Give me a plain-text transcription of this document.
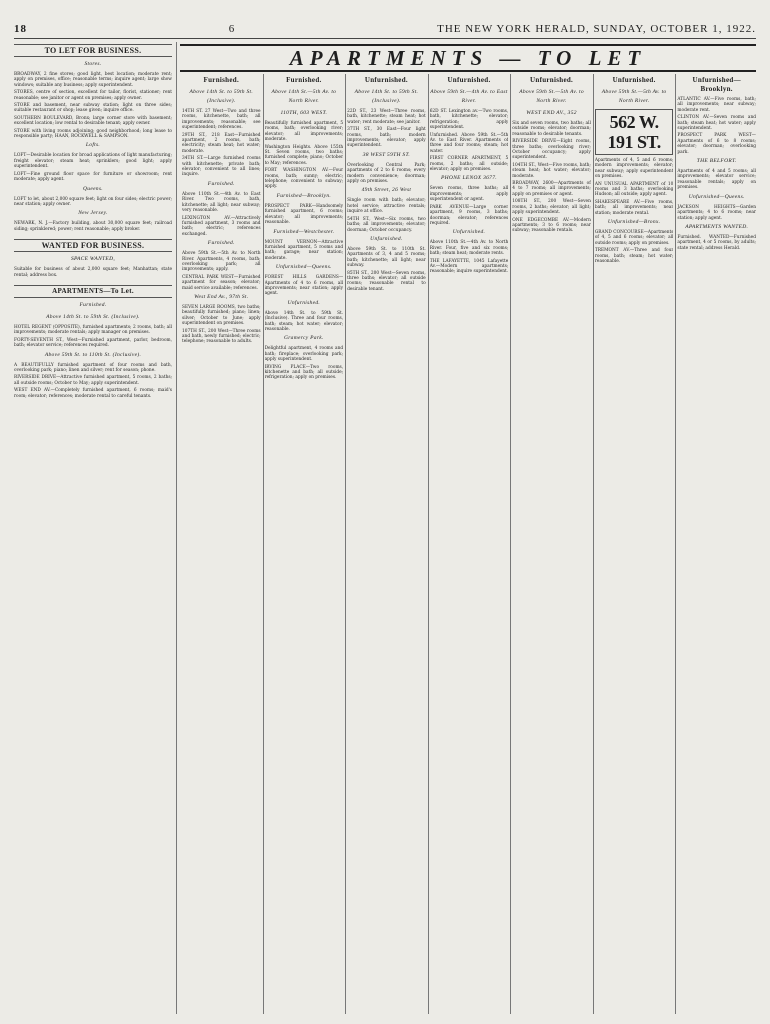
18	6	THE NEW YORK HERALD, SUNDAY, OCTOBER 1, 1922.
APARTMENTS — TO LET
TO LET FOR BUSINESS.
Stores.
BROADWAY, 2 fine stores; good light, best location; moderate rent; apply on premises, office; reasonable terms; inquire agent; large show windows; suitable any business; apply superintendent.
STORES, centre of section, excellent for tailor, florist, stationer; rent reasonable; see janitor or agent on premises; apply owner.
STORE and basement, near subway station; light on three sides; suitable restaurant or shop; lease given; inquire office.
SOUTHERN BOULEVARD, Bronx; large corner store with basement; excellent location; low rental to desirable tenant; apply owner.
STORE with living rooms adjoining; good neighborhood; long lease to responsible party; HAAN, ROCKWELL & SAMPSON.
Lofts.
LOFT—Desirable location for broad applications of light manufacturing; freight elevator; steam heat; sprinklers; good light; apply superintendent.
LOFT—Fine ground floor space for furniture or showroom; rent moderate; apply agent.
Queens.
LOFT to let, about 2,000 square feet; light on four sides; electric power; near station; apply owner.
New Jersey.
NEWARK, N. J.—Factory building, about 30,000 square feet; railroad siding; sprinklered; power; rent reasonable; apply broker.
WANTED FOR BUSINESS.
SPACE WANTED,
Suitable for business of about 2,000 square feet; Manhattan; state rental; address box.
APARTMENTS—To Let.
Furnished.
Above 14th St. to 59th St. (Inclusive).
HOTEL REGENT (OPPOSITE), furnished apartments; 2 rooms, bath; all improvements; moderate rentals; apply manager on premises.
FORTY-SEVENTH ST., West—Furnished apartment, parlor, bedroom, bath; elevator service; references required.
Above 59th St. to 110th St. (Inclusive).
A BEAUTIFULLY furnished apartment of four rooms and bath, overlooking park; piano; linen and silver; rent for season; phone.
RIVERSIDE DRIVE—Attractive furnished apartment, 5 rooms, 2 baths; all outside rooms; October to May; apply superintendent.
WEST END AV.—Completely furnished apartment, 6 rooms; maid's room; elevator; references; moderate rental to careful tenants.
Furnished.
Above 14th St. to 59th St. (Inclusive).
14TH ST. 27 West—Two and three rooms, kitchenette, bath; all improvements; reasonable; see superintendent; references.
29TH ST., 218 East—Furnished apartment, 2 rooms, bath; electricity; steam heat; hot water; moderate.
34TH ST.—Large furnished rooms with kitchenette; private bath; elevator; convenient to all lines; inquire.
Furnished.
Above 110th St.—4th Av. to East River. Two rooms, bath, kitchenette; all light; near subway; very reasonable.
LEXINGTON AV.—Attractively furnished apartment, 3 rooms and bath; electric; references exchanged.
Furnished.
Above 59th St.—5th Av. to North River. Apartments, 4 rooms, bath; overlooking park; all improvements; apply.
CENTRAL PARK WEST—Furnished apartment for season; elevator; maid service available; references.
West End Av., 97th St.
SEVEN LARGE ROOMS, two baths; beautifully furnished; piano; linen; silver; October to June; apply superintendent on premises.
107TH ST., 200 West—Three rooms and bath, newly furnished; electric; telephone; reasonable to adults.
Furnished.
Above 14th St.—5th Av. to North River.
110TH, 603 WEST.
Beautifully furnished apartment, 5 rooms, bath; overlooking river; elevator; all improvements; moderate.
Washington Heights. Above 155th St. Seven rooms, two baths; furnished complete; piano; October to May; references.
FORT WASHINGTON AV.—Four rooms, bath; sunny; electric; telephone; convenient to subway; apply.
Furnished—Brooklyn.
PROSPECT PARK—Handsomely furnished apartment, 6 rooms; elevator; all improvements; reasonable.
Furnished—Westchester.
MOUNT VERNON—Attractive furnished apartment, 5 rooms and bath; garage; near station; moderate.
Unfurnished—Queens.
FOREST HILLS GARDENS—Apartments of 4 to 6 rooms, all improvements; near station; apply agent.
Unfurnished.
Above 14th St. to 59th St. (Inclusive). Three and four rooms, bath; steam; hot water; elevator; reasonable.
Gramercy Park.
Delightful apartment, 4 rooms and bath; fireplace; overlooking park; apply superintendent.
IRVING PLACE—Two rooms, kitchenette and bath; all outside; refrigeration; apply on premises.
Unfurnished.
Above 14th St. to 59th St. (Inclusive).
22D ST., 23 West—Three rooms, bath, kitchenette; steam heat; hot water; rent moderate; see janitor.
37TH ST., 30 East—Four light rooms, bath; modern improvements; elevator; apply superintendent.
38 WEST 59TH ST.
Overlooking Central Park; apartments of 2 to 6 rooms; every modern convenience; doorman; apply on premises.
49th Street, 26 West
Single room with bath; elevator; hotel service; attractive rentals; inquire at office.
54TH ST., West—Six rooms, two baths; all improvements; elevator; doorman; October occupancy.
Unfurnished.
Above 59th St. to 110th St. Apartments of 3, 4 and 5 rooms; bath; kitchenette; all light; near subway.
85TH ST., 200 West—Seven rooms, three baths; elevator; all outside rooms; reasonable rental to desirable tenant.
Unfurnished.
Above 59th St.—4th Av. to East River.
62D ST. Lexington av.—Two rooms, bath, kitchenette; elevator; refrigeration; apply superintendent.
Unfurnished. Above 59th St.—5th Av. to East River. Apartments of three and four rooms; steam; hot water.
FIRST CORNER APARTMENT, 5 rooms, 2 baths; all outside; elevator; apply on premises.
PHONE LENOX 3677.
Seven rooms, three baths; all improvements; apply superintendent or agent.
PARK AVENUE—Large corner apartment, 9 rooms, 3 baths; doorman; elevator; references required.
Unfurnished.
Above 110th St.—4th Av. to North River. Four, five and six rooms; bath; steam heat; moderate rents.
THE LAFAYETTE, 1045 Lafayette Av.—Modern apartments; reasonable; inquire superintendent.
Unfurnished.
Above 59th St.—5th Av. to North River.
WEST END AV., 352
Six and seven rooms, two baths; all outside rooms; elevator; doorman; reasonable to desirable tenants.
RIVERSIDE DRIVE—Eight rooms, three baths; overlooking river; October occupancy; apply superintendent.
104TH ST., West—Five rooms, bath; steam heat; hot water; elevator; moderate.
BROADWAY, 2600—Apartments of 4 to 7 rooms; all improvements; apply on premises or agent.
108TH ST., 200 West—Seven rooms, 2 baths; elevator; all light; apply superintendent.
ONE EDGECOMBE AV.—Modern apartments; 3 to 6 rooms; near subway; reasonable rentals.
Unfurnished.
Above 59th St.—5th Av. to North River.
562 W. 191 ST.
Apartments of 4, 5 and 6 rooms; modern improvements; elevator; near subway; apply superintendent on premises.
AN UNUSUAL APARTMENT of 10 rooms and 3 baths; overlooking Hudson; all outside; apply agent.
SHAKESPEARE AV.—Five rooms, bath; all improvements; near station; moderate rental.
Unfurnished—Bronx.
GRAND CONCOURSE—Apartments of 4, 5 and 6 rooms; elevator; all outside rooms; apply on premises.
TREMONT AV.—Three and four rooms, bath; steam; hot water; reasonable.
Unfurnished—Brooklyn.
ATLANTIC AV.—Five rooms, bath; all improvements; near subway; moderate rent.
CLINTON AV.—Seven rooms and bath; steam heat; hot water; apply superintendent.
PROSPECT PARK WEST—Apartments of 6 to 8 rooms; elevator; doorman; overlooking park.
THE BELFORT.
Apartments of 4 and 5 rooms; all improvements; elevator service; reasonable rentals; apply on premises.
Unfurnished—Queens.
JACKSON HEIGHTS—Garden apartments; 4 to 6 rooms; near station; apply agent.
APARTMENTS WANTED.
Furnished. WANTED—Furnished apartment, 4 or 5 rooms, by adults; state rental; address Herald.
